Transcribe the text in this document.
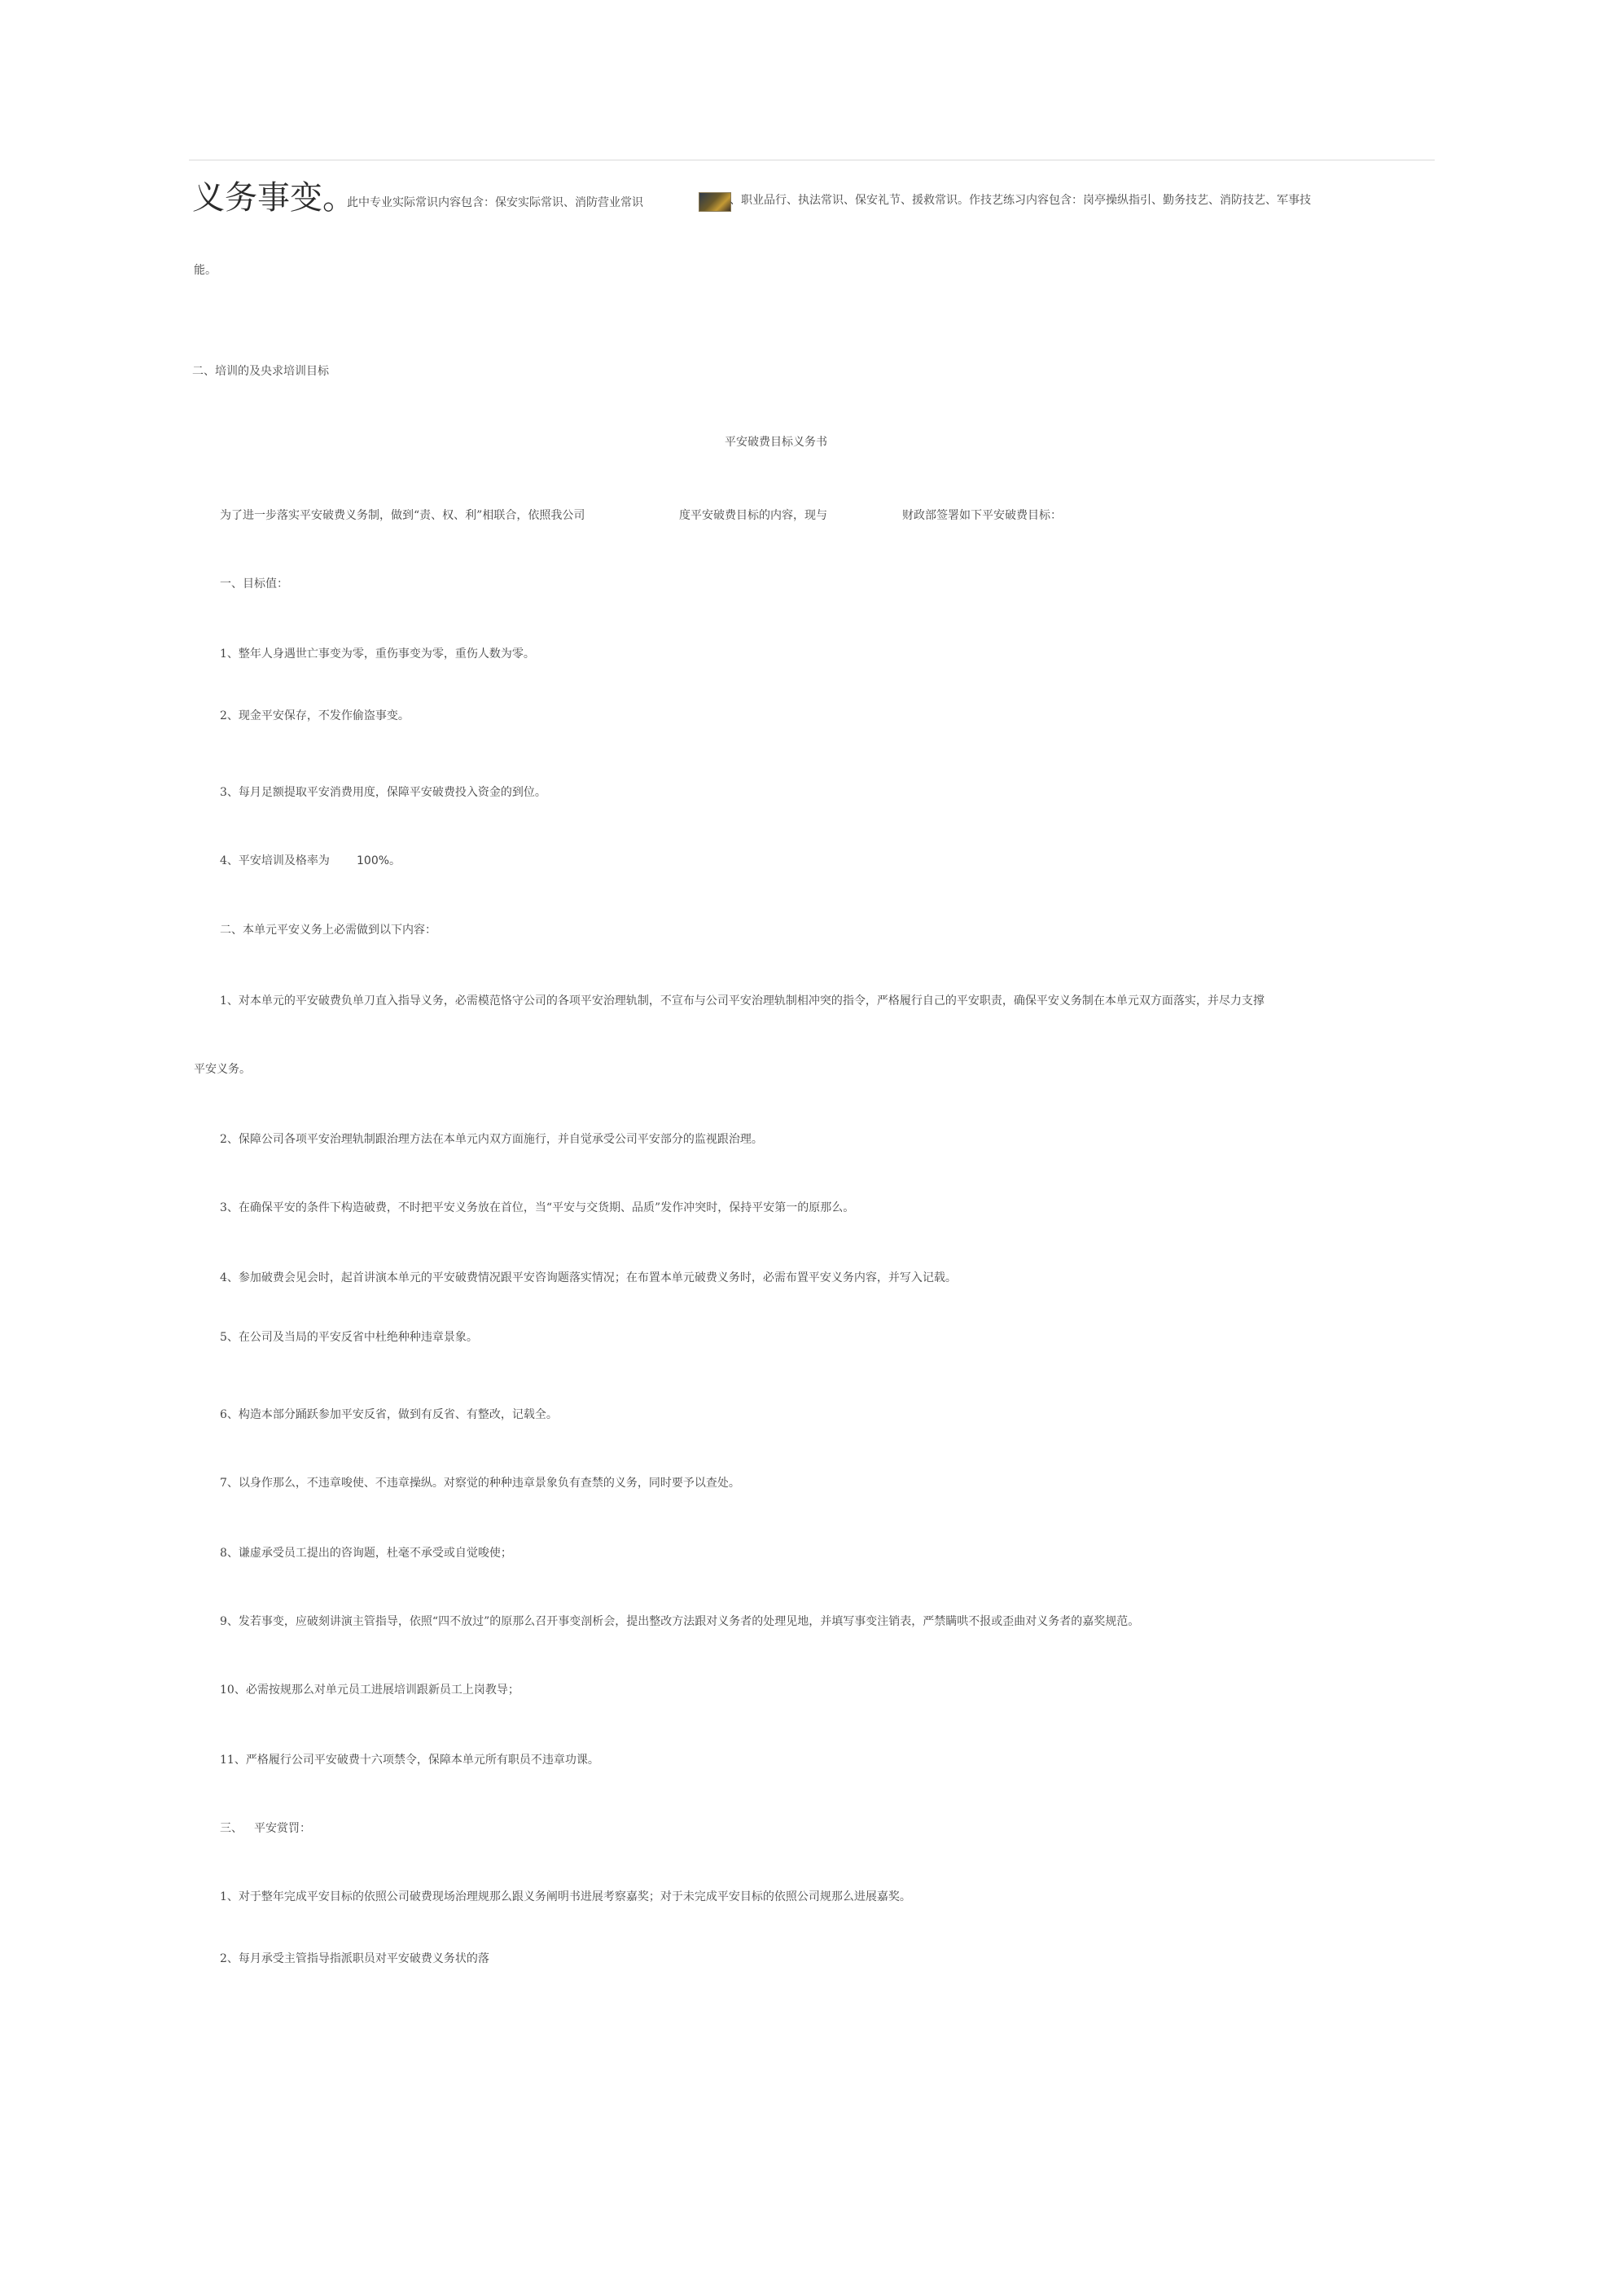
义务事变。
此中专业实际常识内容包含：保安实际常识、消防营业常识	、职业品行、执法常识、保安礼节、援救常识。作技艺练习内容包含：岗亭操纵指引、勤务技艺、消防技艺、军事技
能。
二、培训的及央求培训目标
平安破费目标义务书
为了进一步落实平安破费义务制，做到“责、权、利”相联合，依照我公司	度平安破费目标的内容，现与	财政部签署如下平安破费目标：
一、目标值：
1、整年人身遇世亡事变为零，重伤事变为零，重伤人数为零。
2、现金平安保存，不发作偷盗事变。
3、每月足额提取平安消费用度，保障平安破费投入资金的到位。
4、平安培训及格率为 100%。
二、本单元平安义务上必需做到以下内容：
1、对本单元的平安破费负单刀直入指导义务，必需模范恪守公司的各项平安治理轨制，不宣布与公司平安治理轨制相冲突的指令，严格履行自己的平安职责，确保平安义务制在本单元双方面落实，并尽力支撑
平安义务。
2、保障公司各项平安治理轨制跟治理方法在本单元内双方面施行，并自觉承受公司平安部分的监视跟治理。
3、在确保平安的条件下构造破费，不时把平安义务放在首位，当“平安与交货期、品质”发作冲突时，保持平安第一的原那么。
4、参加破费会见会时，起首讲演本单元的平安破费情况跟平安咨询题落实情况；在布置本单元破费义务时，必需布置平安义务内容，并写入记载。
5、在公司及当局的平安反省中杜绝种种违章景象。
6、构造本部分踊跃参加平安反省，做到有反省、有整改，记载全。
7、以身作那么，不违章唆使、不违章操纵。对察觉的种种违章景象负有查禁的义务，同时要予以查处。
8、谦虚承受员工提出的咨询题，杜毫不承受或自觉唆使；
9、发若事变，应破刻讲演主管指导，依照“四不放过”的原那么召开事变剖析会，提出整改方法跟对义务者的处理见地，并填写事变注销表，严禁瞒哄不报或歪曲对义务者的嘉奖规范。
10、必需按规那么对单元员工进展培训跟新员工上岗教导；
11、严格履行公司平安破费十六项禁令，保障本单元所有职员不违章功课。
三、 平安赏罚：
1、对于整年完成平安目标的依照公司破费现场治理规那么跟义务阐明书进展考察嘉奖；对于未完成平安目标的依照公司规那么进展嘉奖。
2、每月承受主管指导指派职员对平安破费义务状的落
